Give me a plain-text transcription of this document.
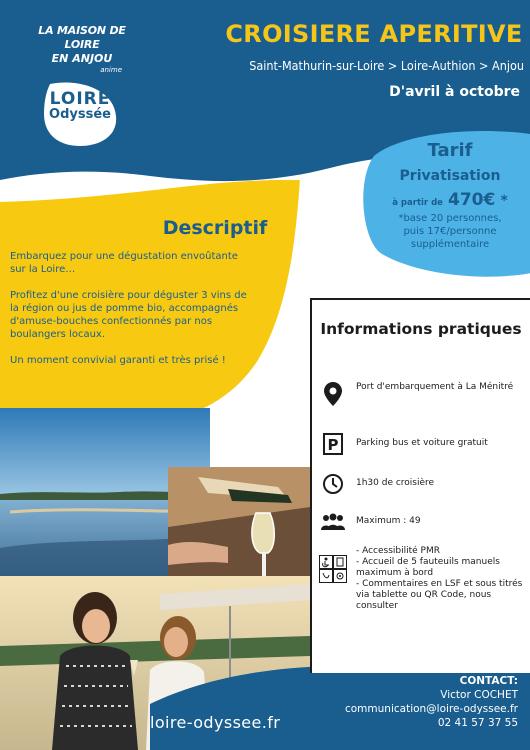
LA MAISON DE LOIRE
EN ANJOU
anime
LOIRE
Odyssée
CROISIERE APERITIVE
Saint-Mathurin-sur-Loire > Loire-Authion > Anjou
D'avril à octobre
Tarif
Privatisation
à partir de 470€ *
*base 20 personnes,
puis 17€/personne
supplémentaire
Descriptif

Embarquez pour une dégustation envoûtante sur la Loire…

Profitez d'une croisière pour déguster 3 vins de la région ou jus de pomme bio, accompagnés d'amuse-bouches confectionnés par nos boulangers locaux.

Un moment convivial garanti et très prisé !

Informations pratiques
Port d'embarquement à La Ménitré
P Parking bus et voiture gratuit
1h30 de croisière
Maximum : 49
- Accessibilité PMR
- Accueil de 5 fauteuils manuels maximum à bord
- Commentaires en LSF et sous titrés via tablette ou QR Code, nous consulter
loire-odyssee.fr
CONTACT:
Victor COCHET
communication@loire-odyssee.fr
02 41 57 37 55
